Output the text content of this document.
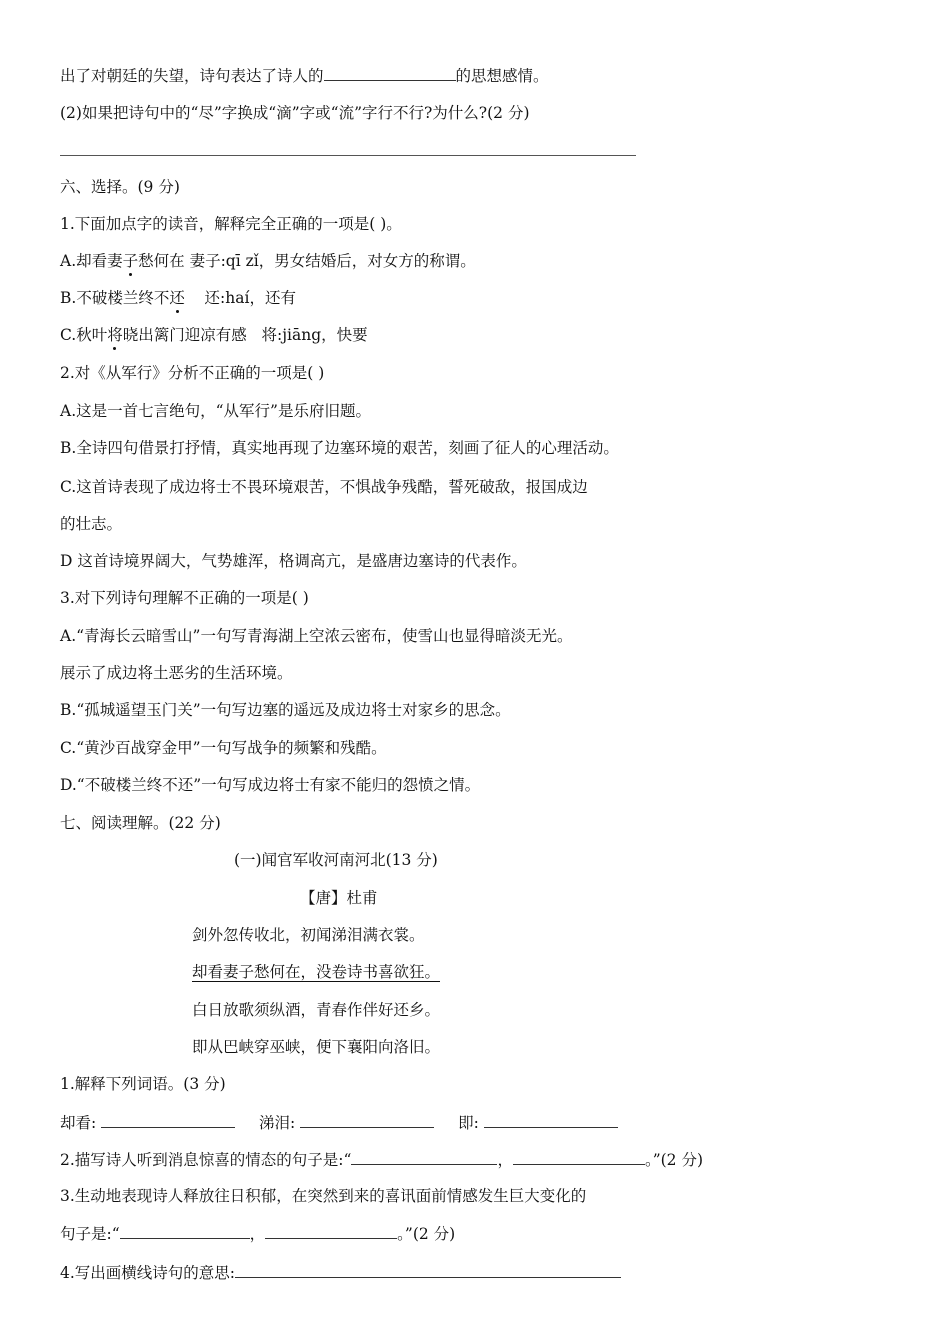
出了对朝廷的失望，诗句表达了诗人的	的思想感情。
(2)如果把诗句中的“尽”字换成“滴”字或“流”字行不行?为什么?(2 分)
六、选择。(9 分)
1.下面加点字的读音，解释完全正确的一项是( )。
A.却看妻子愁何在 妻子:qī zǐ，男女结婚后，对女方的称谓。
B.不破楼兰终不还    还:haí，还有
C.秋叶将晓出篱门迎凉有感   将:jiāng，快要
2.对《从军行》分析不正确的一项是( )
A.这是一首七言绝句，“从军行”是乐府旧题。
B.全诗四句借景打抒情，真实地再现了边塞环境的艰苦，刻画了征人的心理活动。
C.这首诗表现了成边将士不畏环境艰苦，不惧战争残酷，誓死破敌，报国成边
的壮志。
D 这首诗境界阔大，气势雄浑，格调高亢，是盛唐边塞诗的代表作。
3.对下列诗句理解不正确的一项是( )
A.“青海长云暗雪山”一句写青海湖上空浓云密布，使雪山也显得暗淡无光。
展示了成边将土恶劣的生活环境。
B.“孤城遥望玉门关”一句写边塞的遥远及成边将士对家乡的思念。
C.“黄沙百战穿金甲”一句写战争的频繁和残酷。
D.“不破楼兰终不还”一句写成边将士有家不能归的怨愤之情。
七、阅读理解。(22 分)
(一)闻官军收河南河北(13 分)
【唐】杜甫
剑外忽传收北，初闻涕泪满衣裳。
却看妻子愁何在，没卷诗书喜欲狂。
白日放歌须纵酒，青春作伴好还乡。
即从巴峡穿巫峡，便下襄阳向洛旧。
1.解释下列词语。(3 分)
却看:	涕泪:	即:
2.描写诗人听到消息惊喜的情态的句子是:“	，	。”(2 分)
3.生动地表现诗人释放往日积郁，在突然到来的喜讯面前情感发生巨大变化的
句子是:“	，	。”(2 分)
4.写出画横线诗句的意思:
